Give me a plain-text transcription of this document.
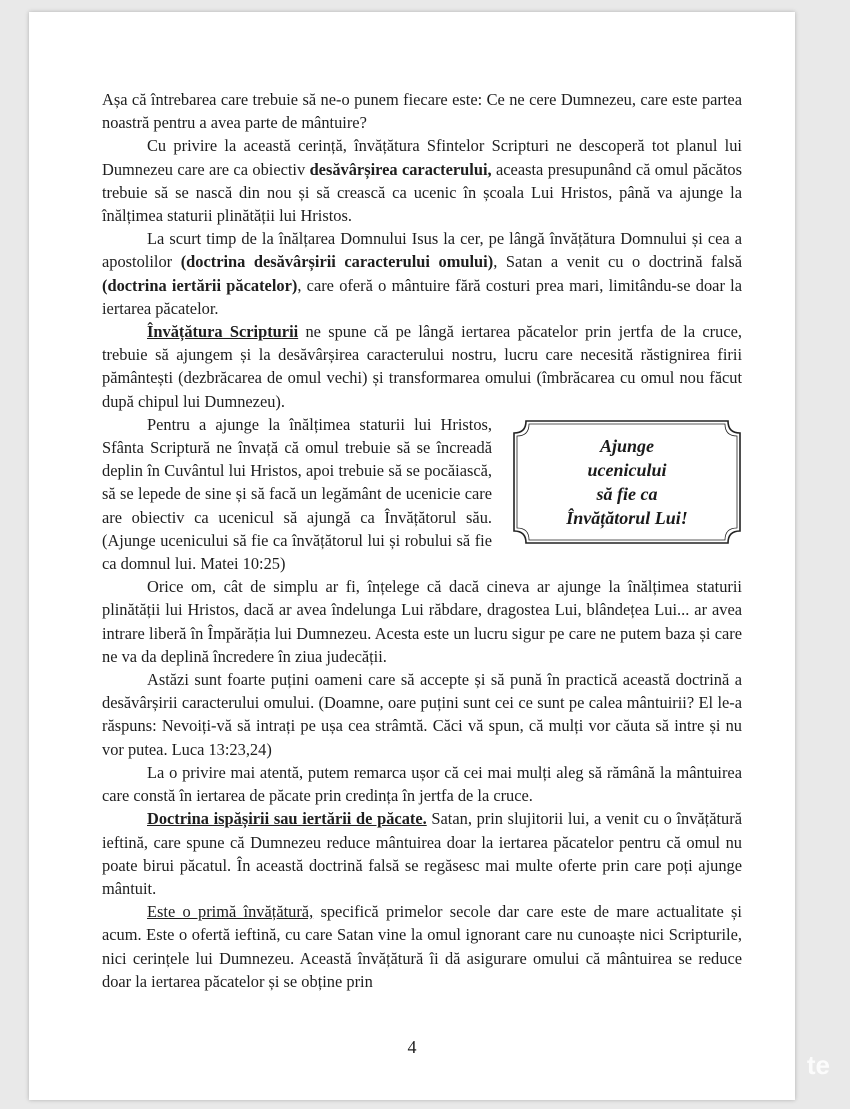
Așa că întrebarea care trebuie să ne-o punem fiecare este: Ce ne cere Dumnezeu, care este partea noastră pentru a avea parte de mântuire?

Cu privire la această cerință, învățătura Sfintelor Scripturi ne descoperă tot planul lui Dumnezeu care are ca obiectiv desăvârșirea caracterului, aceasta presupunând că omul păcătos trebuie să se nască din nou și să crească ca ucenic în școala Lui Hristos, până va ajunge la înălțimea staturii plinătății lui Hristos.

La scurt timp de la înălțarea Domnului Isus la cer, pe lângă învățătura Domnului și cea a apostolilor (doctrina desăvârșirii caracterului omului), Satan a venit cu o doctrină falsă (doctrina iertării păcatelor), care oferă o mântuire fără costuri prea mari, limitându-se doar la iertarea păcatelor.

Învățătura Scripturii ne spune că pe lângă iertarea păcatelor prin jertfa de la cruce, trebuie să ajungem și la desăvârșirea caracterului nostru, lucru care necesită răstignirea firii pământești (dezbrăcarea de omul vechi) și transformarea omului (îmbrăcarea cu omul nou făcut după chipul lui Dumnezeu).

Ajunge
ucenicului
să fie ca
Învățătorul Lui!

Pentru a ajunge la înălțimea staturii lui Hristos, Sfânta Scriptură ne învață că omul trebuie să se încreadă deplin în Cuvântul lui Hristos, apoi trebuie să se pocăiască, să se lepede de sine și să facă un legământ de ucenicie care are obiectiv ca ucenicul să ajungă ca Învățătorul său. (Ajunge ucenicului să fie ca învățătorul lui și robului să fie ca domnul lui. Matei 10:25)

Orice om, cât de simplu ar fi, înțelege că dacă cineva ar ajunge la înălțimea staturii plinătății lui Hristos, dacă ar avea îndelunga Lui răbdare, dragostea Lui, blândețea Lui... ar avea intrare liberă în Împărăția lui Dumnezeu. Acesta este un lucru sigur pe care ne putem baza și care ne va da deplină încredere în ziua judecății.

Astăzi sunt foarte puțini oameni care să accepte și să pună în practică această doctrină a desăvârșirii caracterului omului. (Doamne, oare puțini sunt cei ce sunt pe calea mântuirii? El le-a răspuns: Nevoiți-vă să intrați pe ușa cea strâmtă. Căci vă spun, că mulți vor căuta să intre și nu vor putea. Luca 13:23,24)

La o privire mai atentă, putem remarca ușor că cei mai mulți aleg să rămână la mântuirea care constă în iertarea de păcate prin credința în jertfa de la cruce.

Doctrina ispășirii sau iertării de păcate. Satan, prin slujitorii lui, a venit cu o învățătură ieftină, care spune că Dumnezeu reduce mântuirea doar la iertarea păcatelor pentru că omul nu poate birui păcatul. În această doctrină falsă se regăsesc mai multe oferte prin care poți ajunge mântuit.

Este o primă învățătură, specifică primelor secole dar care este de mare actualitate și acum. Este o ofertă ieftină, cu care Satan vine la omul ignorant care nu cunoaște nici Scripturile, nici cerințele lui Dumnezeu. Această învățătură îi dă asigurare omului că mântuirea se reduce doar la iertarea păcatelor și se obține prin

4
te
